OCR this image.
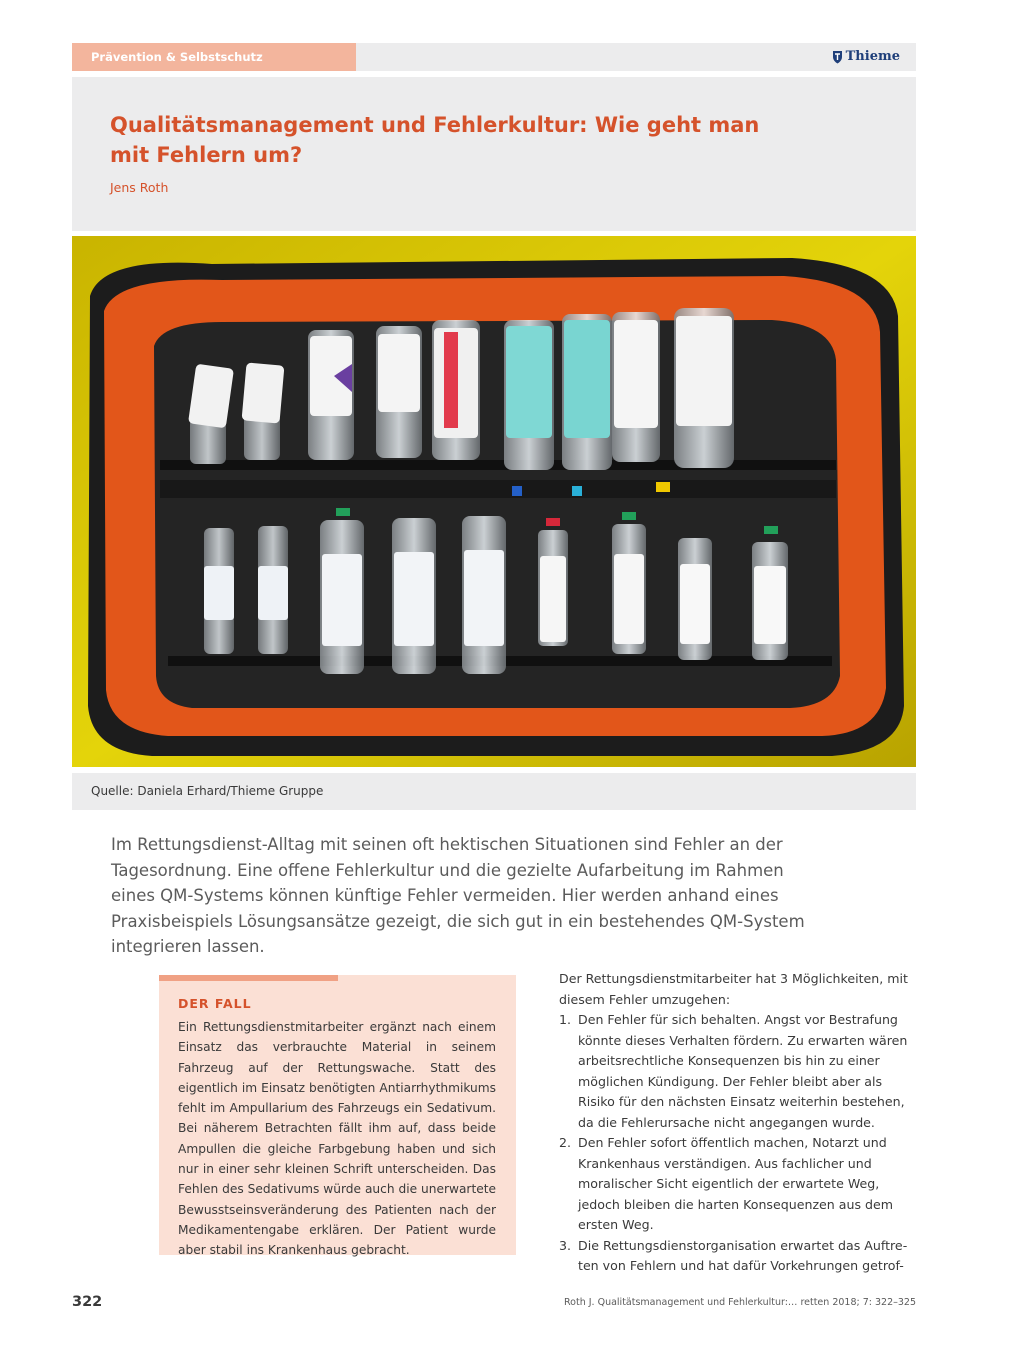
Prävention & Selbstschutz	Thieme
Qualitätsmanagement und Fehlerkultur: Wie geht man mit Fehlern um?
Jens Roth
Quelle: Daniela Erhard/Thieme Gruppe

Im Rettungsdienst-Alltag mit seinen oft hektischen Situationen sind Fehler an der Tagesordnung. Eine offene Fehlerkultur und die gezielte Aufarbeitung im Rahmen eines QM-Systems können künftige Fehler vermeiden. Hier werden anhand eines Praxisbeispiels Lösungsansätze gezeigt, die sich gut in ein bestehendes QM-System integrieren lassen.

DER FALL

Ein Rettungsdienstmitarbeiter ergänzt nach einem Einsatz das verbrauchte Material in seinem Fahrzeug auf der Rettungswache. Statt des eigentlich im Einsatz benötigten Antiarrhythmikums fehlt im Ampullarium des Fahrzeugs ein Sedativum. Bei näherem Betrachten fällt ihm auf, dass beide Ampullen die gleiche Farbgebung haben und sich nur in einer sehr kleinen Schrift unterscheiden. Das Fehlen des Sedativums würde auch die unerwartete Bewusstseinsveränderung des Patienten nach der Medikamentengabe erklären. Der Patient wurde aber stabil ins Krankenhaus gebracht.

Der Rettungsdienstmitarbeiter hat 3 Möglichkeiten, mit diesem Fehler umzugehen:

1. Den Fehler für sich behalten. Angst vor Bestrafung könnte dieses Verhalten fördern. Zu erwarten wären arbeitsrechtliche Konsequenzen bis hin zu einer möglichen Kündigung. Der Fehler bleibt aber als Risiko für den nächsten Einsatz weiterhin bestehen, da die Fehlerursache nicht angegangen wurde.
2. Den Fehler sofort öffentlich machen, Notarzt und Krankenhaus verständigen. Aus fachlicher und moralischer Sicht eigentlich der erwartete Weg, jedoch bleiben die harten Konsequenzen aus dem ersten Weg.
3. Die Rettungsdienstorganisation erwartet das Auftreten von Fehlern und hat dafür Vorkehrungen getrof-
322	Roth J. Qualitätsmanagement und Fehlerkultur:… retten 2018; 7: 322–325
